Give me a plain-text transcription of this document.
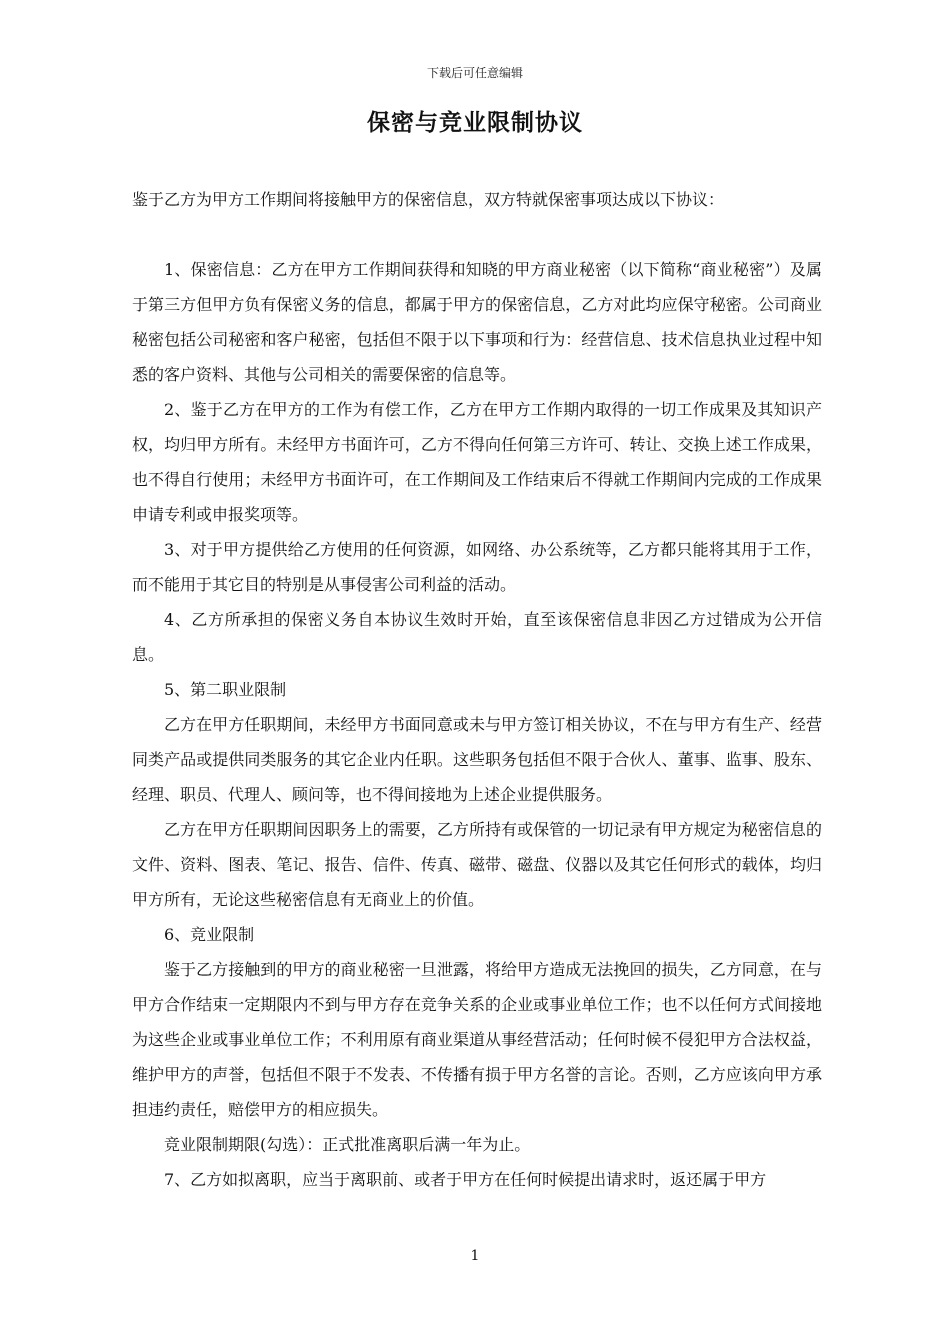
下载后可任意编辑
保密与竞业限制协议

鉴于乙方为甲方工作期间将接触甲方的保密信息，双方特就保密事项达成以下协议：

1、保密信息：乙方在甲方工作期间获得和知晓的甲方商业秘密（以下简称“商业秘密”）及属于第三方但甲方负有保密义务的信息，都属于甲方的保密信息，乙方对此均应保守秘密。公司商业秘密包括公司秘密和客户秘密，包括但不限于以下事项和行为：经营信息、技术信息执业过程中知悉的客户资料、其他与公司相关的需要保密的信息等。

2、鉴于乙方在甲方的工作为有偿工作，乙方在甲方工作期内取得的一切工作成果及其知识产权，均归甲方所有。未经甲方书面许可，乙方不得向任何第三方许可、转让、交换上述工作成果，也不得自行使用；未经甲方书面许可，在工作期间及工作结束后不得就工作期间内完成的工作成果申请专利或申报奖项等。

3、对于甲方提供给乙方使用的任何资源，如网络、办公系统等，乙方都只能将其用于工作，而不能用于其它目的特别是从事侵害公司利益的活动。

4、乙方所承担的保密义务自本协议生效时开始，直至该保密信息非因乙方过错成为公开信息。

5、第二职业限制

乙方在甲方任职期间，未经甲方书面同意或未与甲方签订相关协议，不在与甲方有生产、经营同类产品或提供同类服务的其它企业内任职。这些职务包括但不限于合伙人、董事、监事、股东、经理、职员、代理人、顾问等，也不得间接地为上述企业提供服务。

乙方在甲方任职期间因职务上的需要，乙方所持有或保管的一切记录有甲方规定为秘密信息的文件、资料、图表、笔记、报告、信件、传真、磁带、磁盘、仪器以及其它任何形式的载体，均归甲方所有，无论这些秘密信息有无商业上的价值。

6、竞业限制

鉴于乙方接触到的甲方的商业秘密一旦泄露，将给甲方造成无法挽回的损失，乙方同意，在与甲方合作结束一定期限内不到与甲方存在竞争关系的企业或事业单位工作；也不以任何方式间接地为这些企业或事业单位工作；不利用原有商业渠道从事经营活动；任何时候不侵犯甲方合法权益，维护甲方的声誉，包括但不限于不发表、不传播有损于甲方名誉的言论。否则，乙方应该向甲方承担违约责任，赔偿甲方的相应损失。

竞业限制期限(勾选）：正式批准离职后满一年为止。

7、乙方如拟离职，应当于离职前、或者于甲方在任何时候提出请求时，返还属于甲方

1
